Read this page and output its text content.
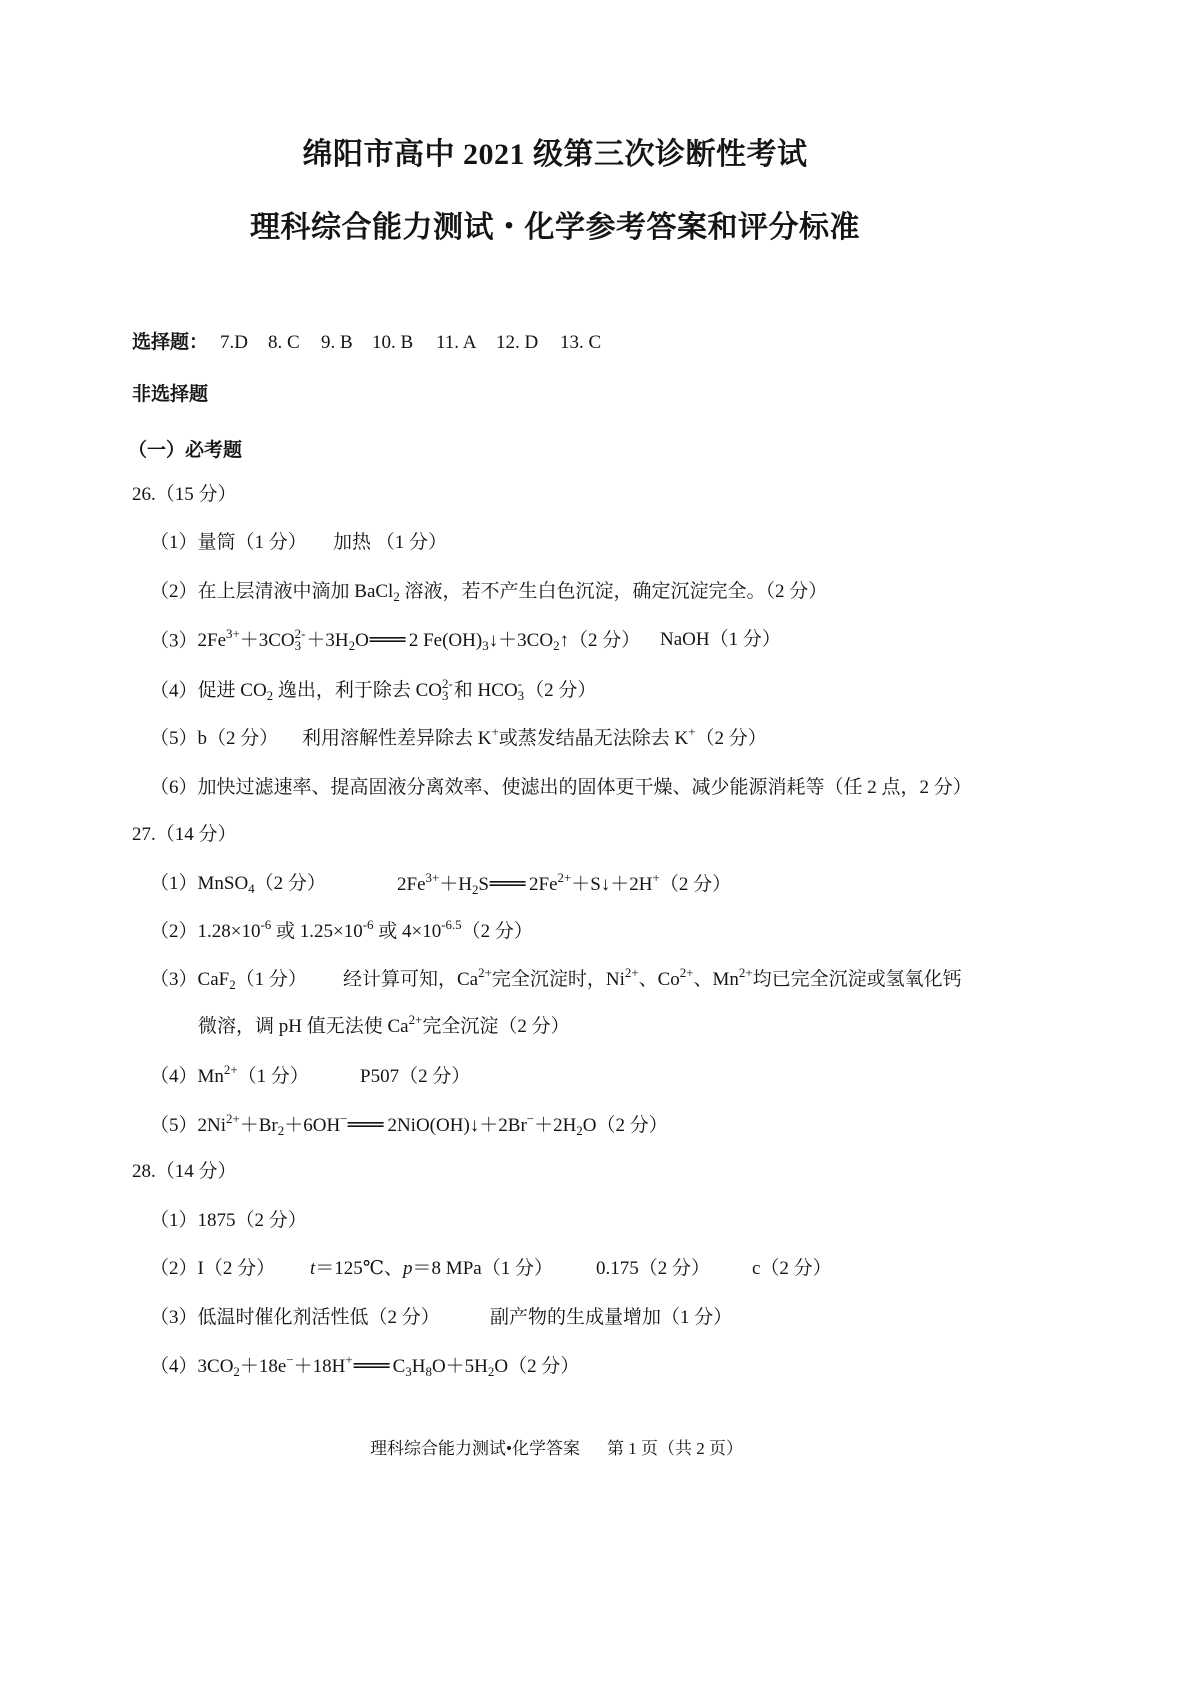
绵阳市高中 2021 级第三次诊断性考试
理科综合能力测试・化学参考答案和评分标准
选择题： 7.D 8. C 9. B 10. B 11. A 12. D 13. C
非选择题
（一）必考题
26.（15 分）
（1）量筒（1 分） 加热 （1 分）
（2）在上层清液中滴加 BaCl$_2$ 溶液，若不产生白色沉淀，确定沉淀完全。（2 分）
$(3)2Fe^{3+}+3CO$ 2-
$3 +3H_2O══$ 2 $Fe(OH)_3↓+3CO_2↑(2$ 分） NaOH（1 分）
（4）促进 $CO_2$ 逸出，利于除去 CO 2-
3 和 HCO -
3 （2 分）
（5）b（2 分） 利用溶解性差异除去 K+或蒸发结晶无法除去 K+（2 分）
（6）加快过滤速率、提高固液分离效率、使滤出的固体更干燥、减少能源消耗等（任 2 点，2 分）
27.（14 分）
（1）MnSO$_4$（2 分）	$2Fe^{3+}+H_2S══$ $2Fe^{2+}+S↓+2H^+(2$ 分）
$(2)1.28\times 10^{-6}$ 或 $1.25\times 10^{-6}$ 或 $4\times 10^{-6.5}(2$ 分）
（3）CaF$_2$（1 分） 经计算可知，$Ca^{2+}$完全沉淀时，$Ni^{2+}$、$Co^{2+}$、$Mn^{2+}$均已完全沉淀或氢氧化钙
微溶，调 pH 值无法使 $Ca^{2+}$完全沉淀（2 分）
$(4)Mn^{2+}(1$ 分）	P507（2 分）
$(5)2Ni^{2+}+Br_2+6OH^-══$ $2NiO(OH)↓+2Br^-+2H_2O(2$ 分）
28.（14 分）
（1）1875（2 分）
（2）I（2 分） t＝125℃、p＝8 MPa（1 分） 0.175（2 分） c（2 分）
（3）低温时催化剂活性低（2 分）	副产物的生成量增加（1 分）
$(4)3CO_2+18e^-+18H^+══$ $C_3H_8O+5H_2O(2$ 分）
理科综合能力测试•化学答案 第 1 页（共 2 页）
